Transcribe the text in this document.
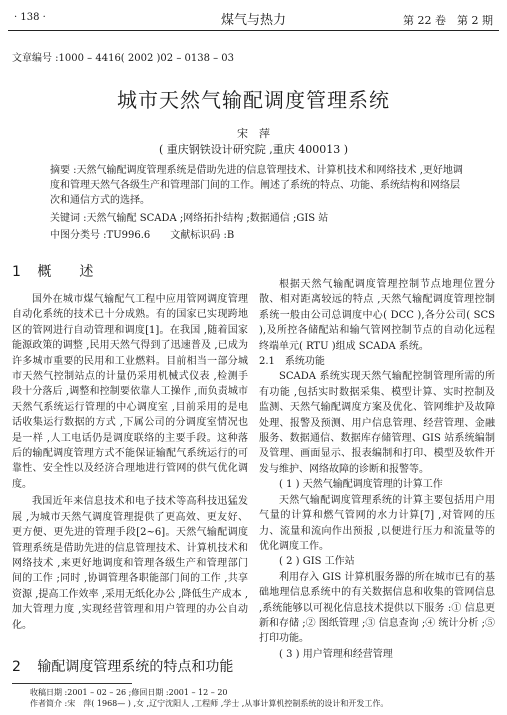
· 138 ·	煤气与热力	第 22 卷　第 2 期
文章编号 :1000 – 4416( 2002 )02 – 0138 – 03
城市天然气输配调度管理系统
宋　萍
( 重庆钢铁设计研究院 ,重庆 400013 )
摘要 :天然气输配调度管理系统是借助先进的信息管理技术、计算机技术和网络技术 ,更好地调度和管理天然气各级生产和管理部门间的工作。阐述了系统的特点、功能、系统结构和网络层次和通信方式的选择。
关键词 :天然气输配 SCADA ;网络拓扑结构 ;数据通信 ;GIS 站
中图分类号 :TU996.6　　文献标识码 :B
1 概　　述

国外在城市煤气输配气工程中应用管网调度管理自动化系统的技术已十分成熟。有的国家已实现跨地区的管网进行自动管理和调度[1]。在我国 ,随着国家能源政策的调整 ,民用天然气得到了迅速普及 ,已成为许多城市重要的民用和工业燃料。目前相当一部分城市天然气控制站点的计量仍采用机械式仪表 ,检测手段十分落后 ,调整和控制要依靠人工操作 ,而负责城市天然气系统运行管理的中心调度室 ,目前采用的是电话收集运行数据的方式 ,下属公司的分调度室情况也是一样 ,人工电话仍是调度联络的主要手段。这种落后的输配调度管理方式不能保证输配气系统运行的可靠性、安全性以及经济合理地进行管网的供气优化调度。

我国近年来信息技术和电子技术等高科技迅猛发展 ,为城市天然气调度管理提供了更高效、更友好、更方便、更先进的管理手段[2~6]。天然气输配调度管理系统是借助先进的信息管理技术、计算机技术和网络技术 ,来更好地调度和管理各级生产和管理部门间的工作 ;同时 ,协调管理各职能部门间的工作 ,共享资源 ,提高工作效率 ,采用无纸化办公 ,降低生产成本 ,加大管理力度 ,实现经营管理和用户管理的办公自动化。

2 输配调度管理系统的特点和功能

根据天然气输配调度管理控制节点地理位置分散、相对距离较远的特点 ,天然气输配调度管理控制系统一般由公司总调度中心( DCC ),各分公司( SCS ),及所控各储配站和输气管网控制节点的自动化远程终端单元( RTU )组成 SCADA 系统。

2.1　系统功能

SCADA 系统实现天然气输配控制管理所需的所有功能 ,包括实时数据采集、模型计算、实时控制及监测、天然气输配调度方案及优化、管网维护及故障处理、报警及预测、用户信息管理、经营管理、金融服务、数据通信、数据库存储管理、GIS 站系统编制及管理、画面显示、报表编制和打印、模型及软件开发与维护、网络故障的诊断和报警等。

( 1 ) 天然气输配调度管理的计算工作

天然气输配调度管理系统的计算主要包括用户用气量的计算和燃气管网的水力计算[7] ,对管网的压力、流量和流向作出预报 ,以便进行压力和流量等的优化调度工作。

( 2 ) GIS 工作站

利用存入 GIS 计算机服务器的所在城市已有的基础地理信息系统中的有关数据信息和收集的管网信息 ,系统能够以可视化信息技术提供以下服务 :① 信息更新和存储 ;② 图纸管理 ;③ 信息查询 ;④ 统计分析 ;⑤ 打印功能。

( 3 ) 用户管理和经营管理

收稿日期 :2001 – 02 – 26 ;修回日期 :2001 – 12 – 20
作者简介 :宋　萍( 1968— ) ,女 ,辽宁沈阳人 ,工程师 ,学士 ,从事计算机控制系统的设计和开发工作。
